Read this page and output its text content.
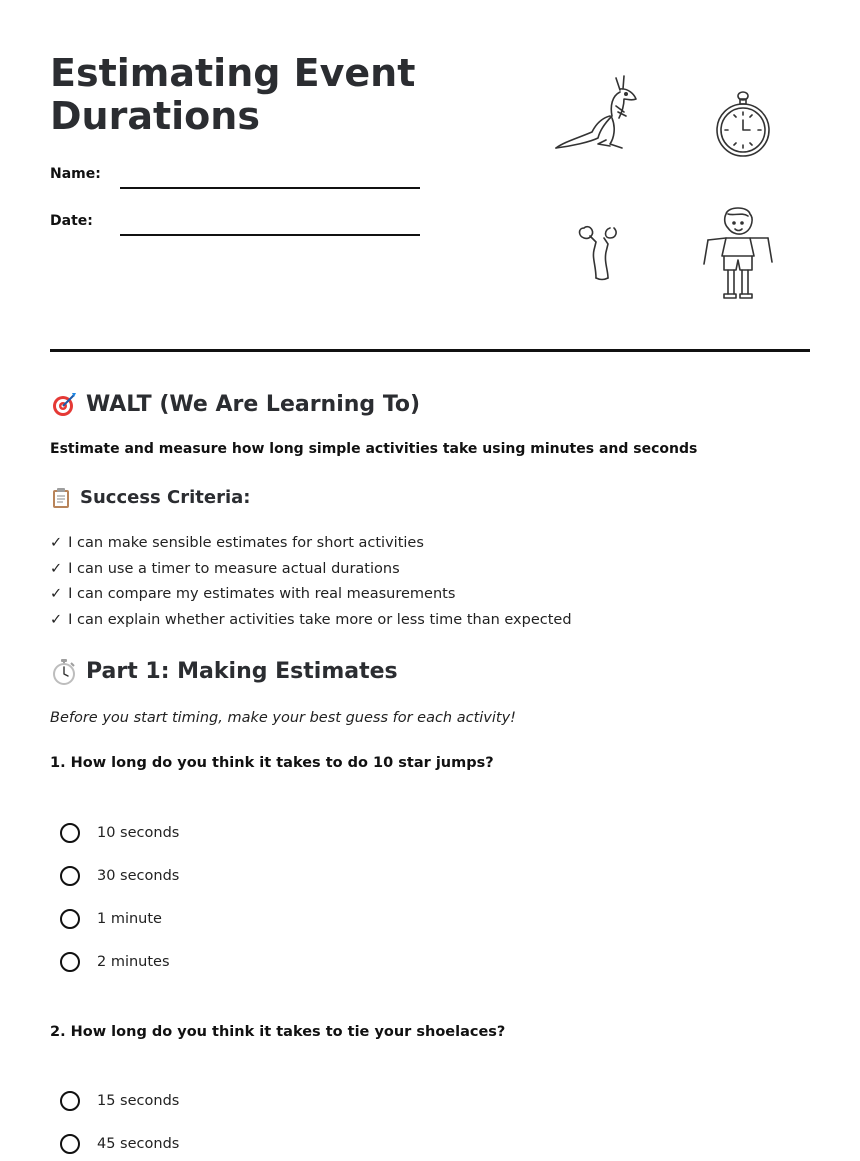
Estimating Event
Durations
Name:
Date:
WALT (We Are Learning To)
Estimate and measure how long simple activities take using minutes and seconds
Success Criteria:
✓ I can make sensible estimates for short activities
✓ I can use a timer to measure actual durations
✓ I can compare my estimates with real measurements
✓ I can explain whether activities take more or less time than expected
Part 1: Making Estimates
Before you start timing, make your best guess for each activity!
1. How long do you think it takes to do 10 star jumps?
10 seconds
30 seconds
1 minute
2 minutes
2. How long do you think it takes to tie your shoelaces?
15 seconds
45 seconds
